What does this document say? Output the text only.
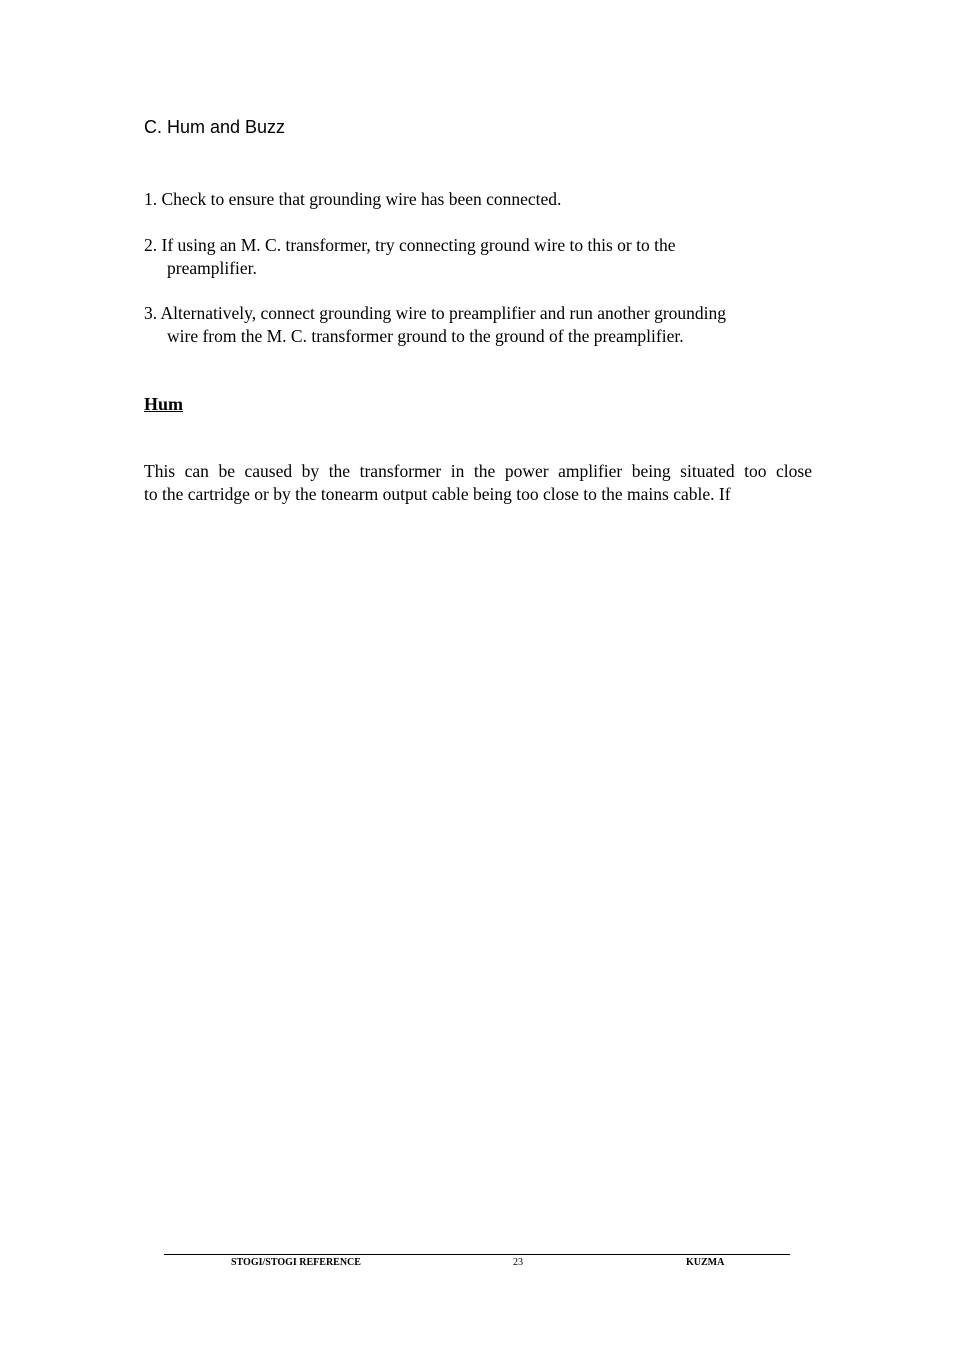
C. Hum and Buzz

1. Check to ensure that grounding wire has been connected.

2. If using an M. C. transformer, try connecting ground wire to this or to the
preamplifier.

3. Alternatively, connect grounding wire to preamplifier and run another grounding
wire from the M. C. transformer ground to the ground of the preamplifier.

Hum

This can be caused by the transformer in the power amplifier being situated too close
to the cartridge or by the tonearm output cable being too close to the mains cable. If

STOGI/STOGI REFERENCE	23	KUZMA
